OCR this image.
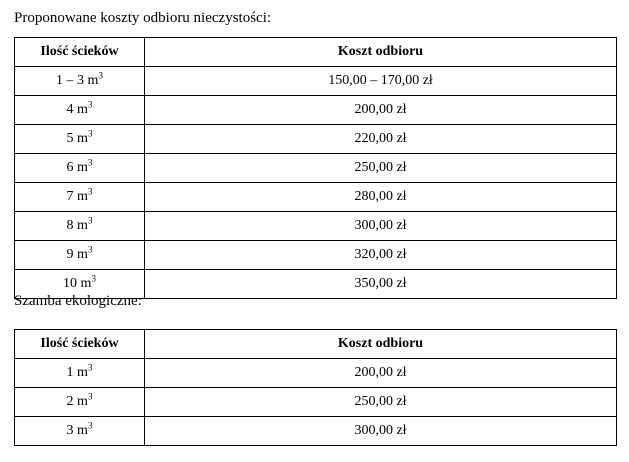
Proponowane koszty odbioru nieczystości:
Ilość ścieków	Koszt odbioru
1 – 3 $m^3$	150,00 – 170,00 zł
4 $m^3$	200,00 zł
5 $m^3$	220,00 zł
6 $m^3$	250,00 zł
7 $m^3$	280,00 zł
8 $m^3$	300,00 zł
9 $m^3$	320,00 zł
10 $m^3$	350,00 zł
Szamba ekologiczne:
Ilość ścieków	Koszt odbioru
1 $m^3$	200,00 zł
2 $m^3$	250,00 zł
3 $m^3$	300,00 zł
